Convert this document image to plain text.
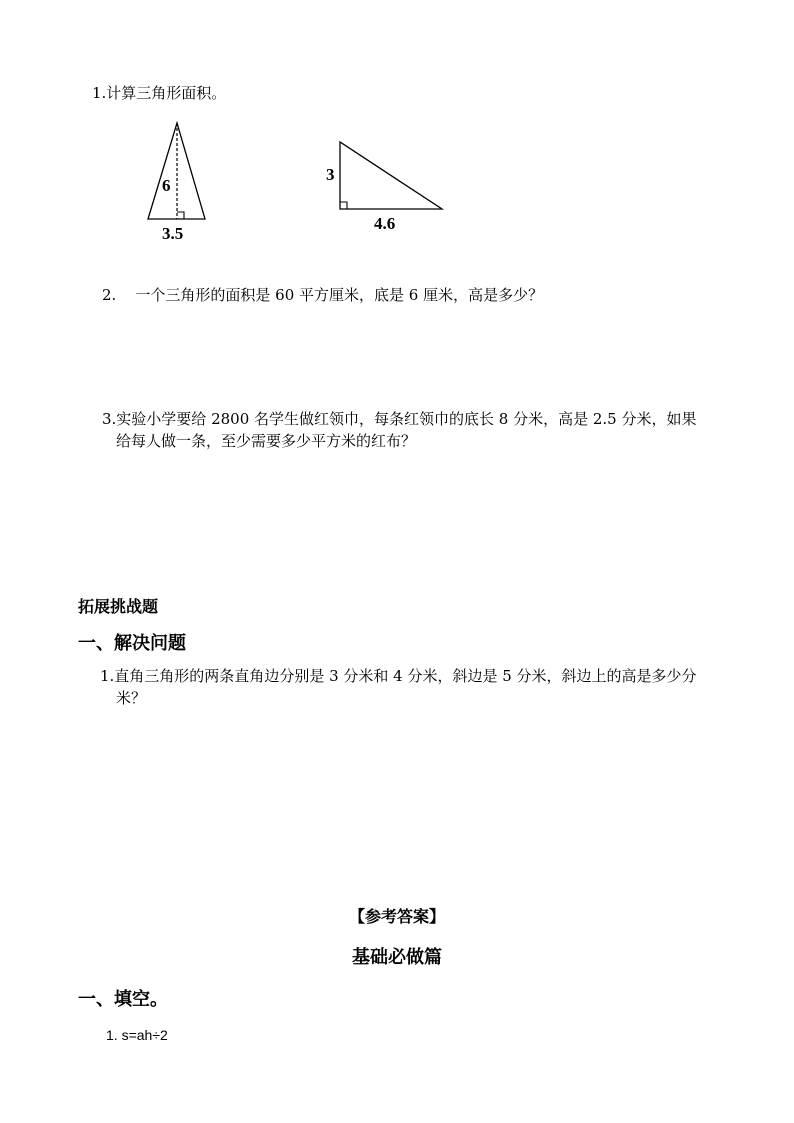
1.计算三角形面积。
6
3.5
3
4.6
2.    一个三角形的面积是 60 平方厘米，底是 6 厘米，高是多少？
3.实验小学要给 2800 名学生做红领巾，每条红领巾的底长 8 分米，高是 2.5 分米，如果
给每人做一条，至少需要多少平方米的红布？
拓展挑战题
一、解决问题
1.直角三角形的两条直角边分别是 3 分米和 4 分米，斜边是 5 分米，斜边上的高是多少分
米？
【参考答案】
基础必做篇
一、填空。
1. s=ah÷2
